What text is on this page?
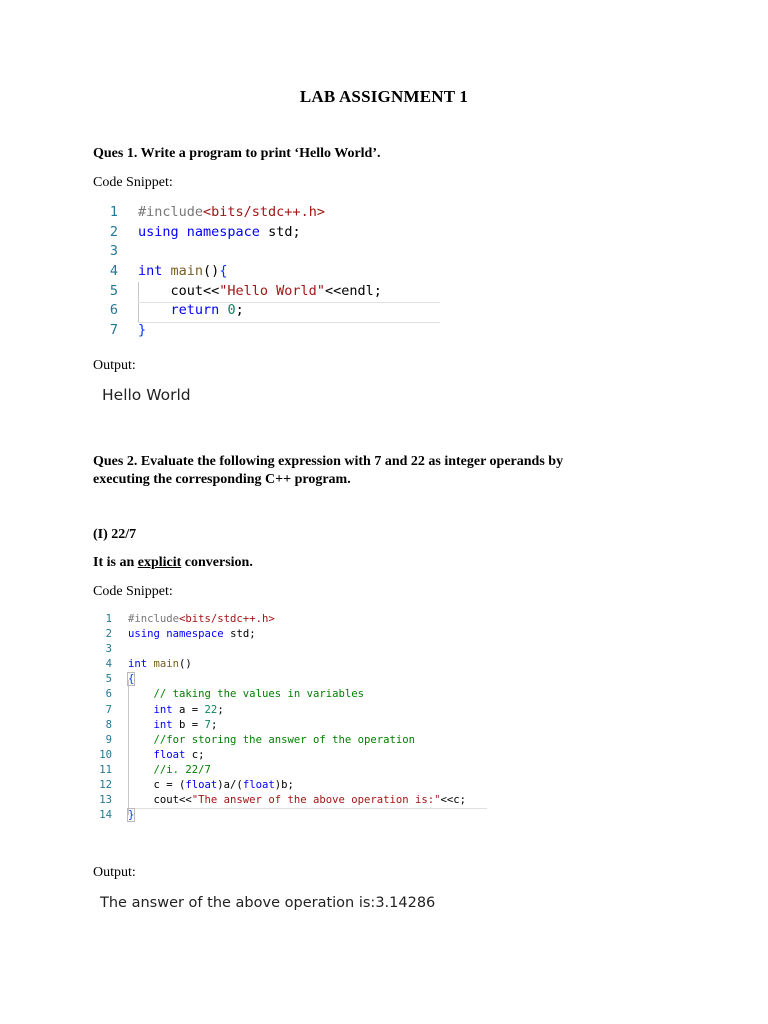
LAB ASSIGNMENT 1
Ques 1. Write a program to print ‘Hello World’.
Code Snippet:
1 #include<bits/stdc++.h>
2 using namespace std;
3
4 int main(){
5 cout<<"Hello World"<<endl;
6	return 0;
7 }
Output:
Hello World
Ques 2. Evaluate the following expression with 7 and 22 as integer operands by
executing the corresponding C++ program.
(I) 22/7
It is an explicit conversion.
Code Snippet:
1 #include<bits/stdc++.h>
2 using namespace std;
3
4 int main()
5 {
6	// taking the values in variables
7	int a = 22;
8	int b = 7;
9	//for storing the answer of the operation
10	float c;
11	//i. 22/7
12 c = (float)a/(float)b;
13 cout<<"The answer of the above operation is:"<<c;
14 }
Output:
The answer of the above operation is:3.14286
